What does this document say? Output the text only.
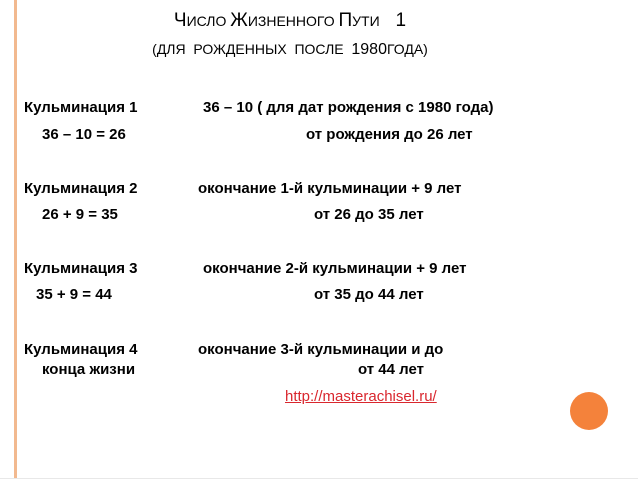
ЧИСЛО ЖИЗНЕННОГО ПУТИ 1
(ДЛЯ  РОЖДЕННЫХ  ПОСЛЕ  1980ГОДА)
Кульминация 1	36 – 10 ( для дат рождения с 1980 года)
36 – 10 = 26	от рождения до 26 лет
Кульминация 2	окончание 1-й кульминации + 9 лет
26 + 9 = 35	от 26 до 35 лет
Кульминация 3	окончание 2-й кульминации + 9 лет
35 + 9 = 44	от 35 до 44 лет
Кульминация 4	окончание 3-й кульминации и до
конца жизни	от 44 лет
http://masterachisel.ru/
